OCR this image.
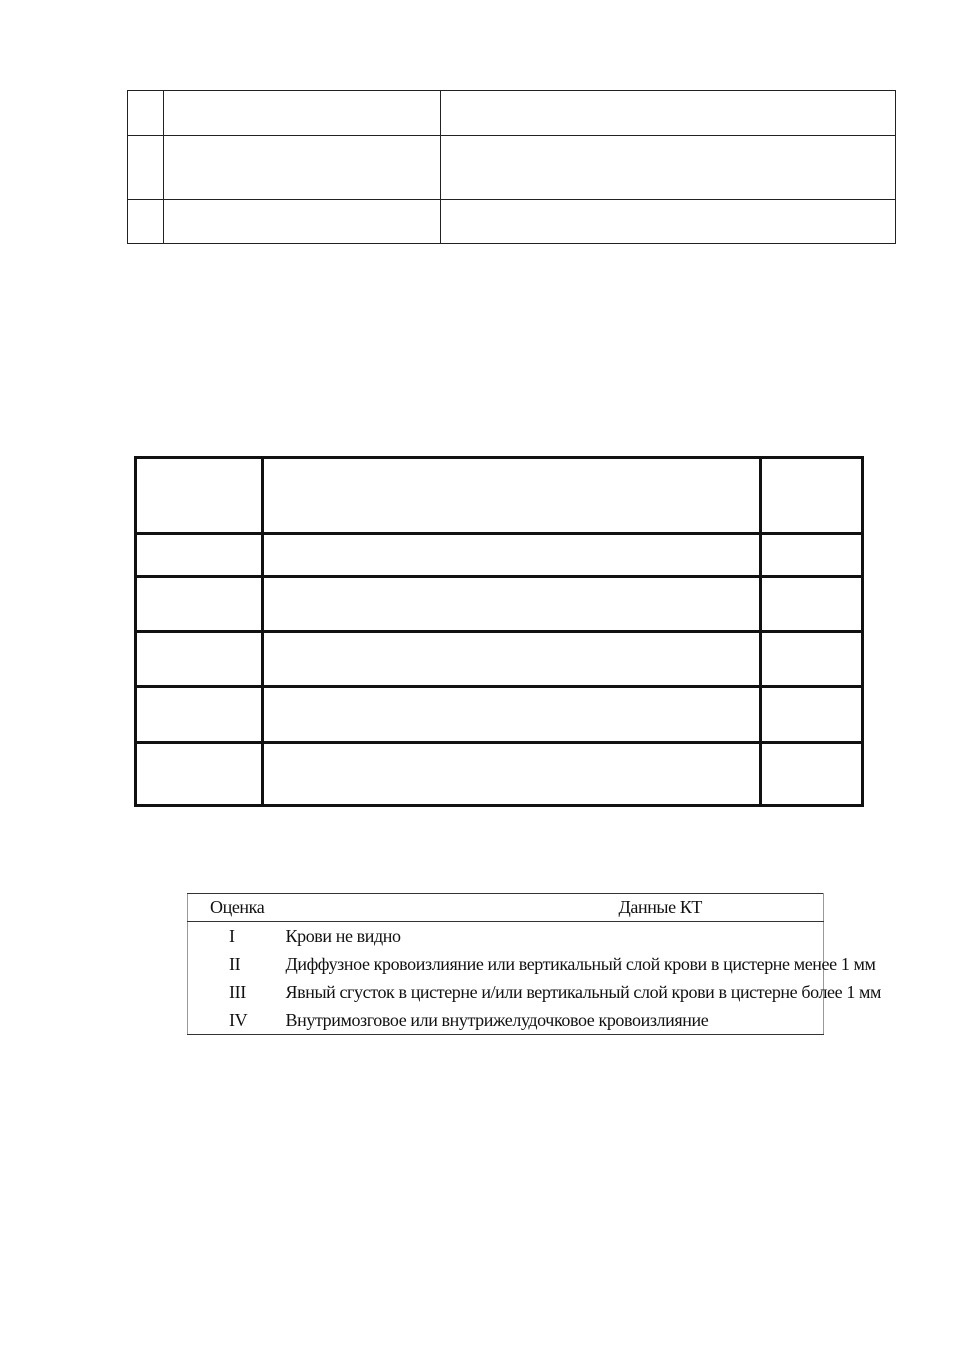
Оценка	Данные КТ
I	Крови не видно
II	Диффузное кровоизлияние или вертикальный слой крови в цистерне менее 1 мм
III	Явный сгусток в цистерне и/или вертикальный слой крови в цистерне более 1 мм
IV	Внутримозговое или внутрижелудочковое кровоизлияние
